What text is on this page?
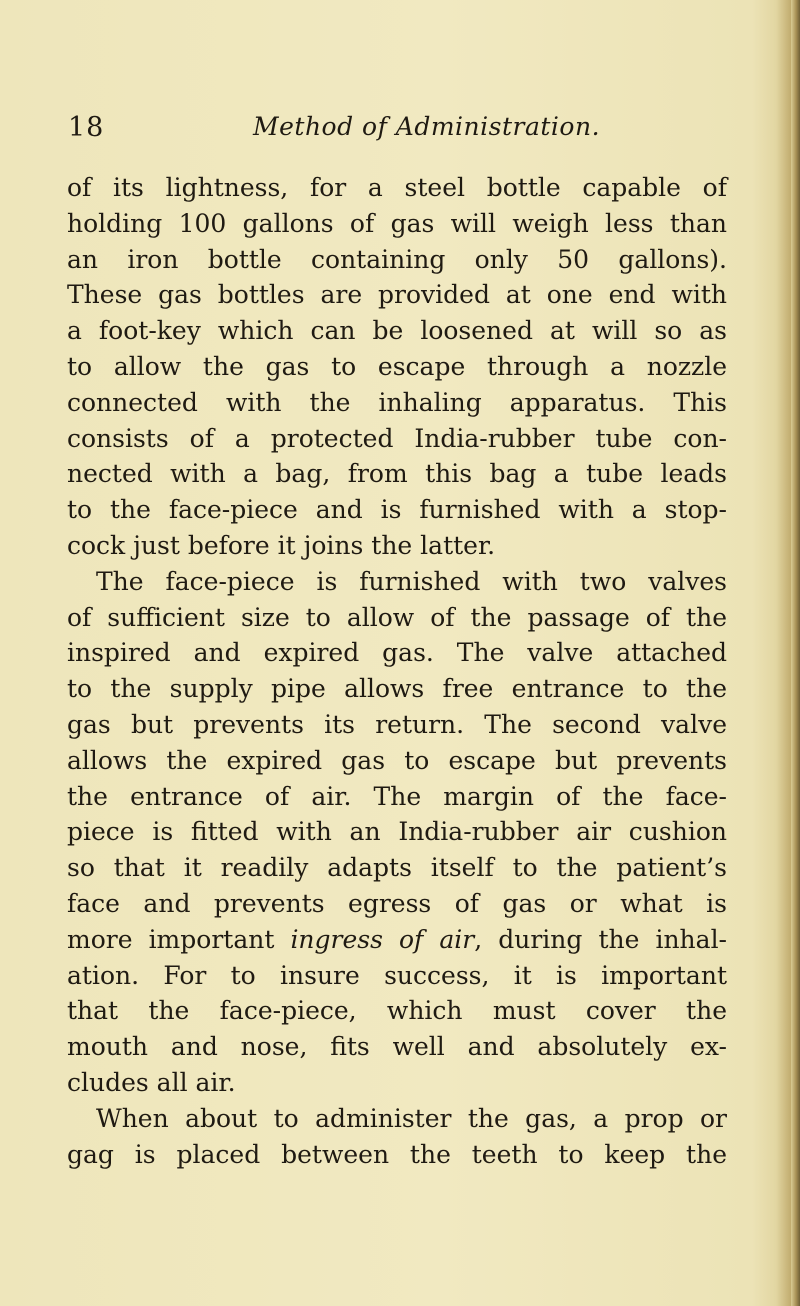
18	Method of Administration.
of its lightness, for a steel bottle capable of
holding 100 gallons of gas will weigh less than
an iron bottle containing only 50 gallons).
These gas bottles are provided at one end with
a foot-key which can be loosened at will so as
to allow the gas to escape through a nozzle
connected with the inhaling apparatus. This
consists of a protected India-rubber tube con-
nected with a bag, from this bag a tube leads
to the face-piece and is furnished with a stop-
cock just before it joins the latter.
The face-piece is furnished with two valves
of sufficient size to allow of the passage of the
inspired and expired gas. The valve attached
to the supply pipe allows free entrance to the
gas but prevents its return. The second valve
allows the expired gas to escape but prevents
the entrance of air. The margin of the face-
piece is fitted with an India-rubber air cushion
so that it readily adapts itself to the patient’s
face and prevents egress of gas or what is
more important ingress of air, during the inhal-
ation. For to insure success, it is important
that the face-piece, which must cover the
mouth and nose, fits well and absolutely ex-
cludes all air.
When about to administer the gas, a prop or
gag is placed between the teeth to keep the
